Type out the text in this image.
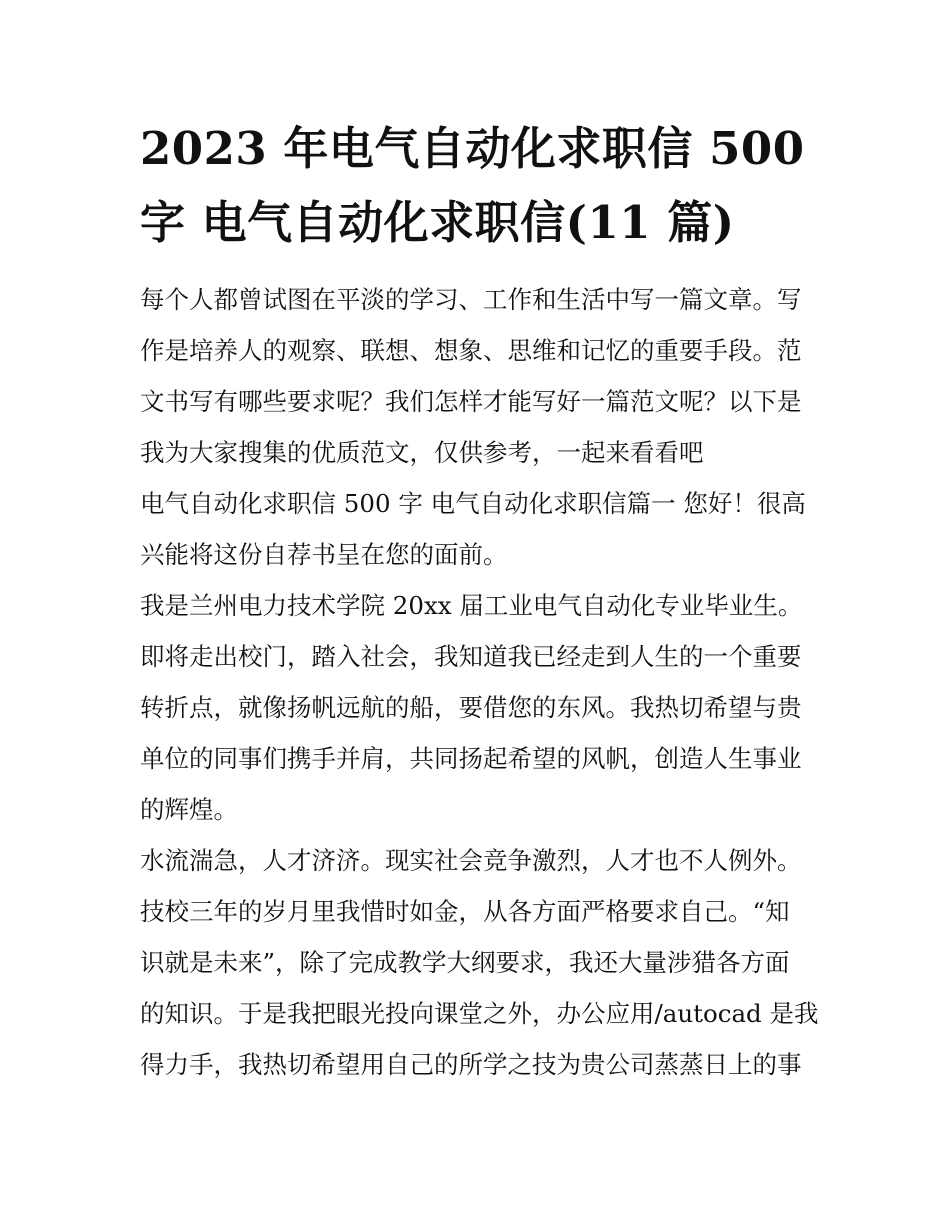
2023 年电气自动化求职信 500
字 电气自动化求职信(11 篇)

每个人都曾试图在平淡的学习、工作和生活中写一篇文章。写
作是培养人的观察、联想、想象、思维和记忆的重要手段。范
文书写有哪些要求呢？我们怎样才能写好一篇范文呢？以下是
我为大家搜集的优质范文，仅供参考，一起来看看吧

电气自动化求职信 500 字 电气自动化求职信篇一 您好！很高
兴能将这份自荐书呈在您的面前。

我是兰州电力技术学院 20xx 届工业电气自动化专业毕业生。
即将走出校门，踏入社会，我知道我已经走到人生的一个重要
转折点，就像扬帆远航的船，要借您的东风。我热切希望与贵
单位的同事们携手并肩，共同扬起希望的风帆，创造人生事业
的辉煌。

水流湍急，人才济济。现实社会竞争激烈，人才也不人例外。
技校三年的岁月里我惜时如金，从各方面严格要求自己。“知
识就是未来”，除了完成教学大纲要求，我还大量涉猎各方面
的知识。于是我把眼光投向课堂之外，办公应用/autocad 是我
得力手，我热切希望用自己的所学之技为贵公司蒸蒸日上的事
